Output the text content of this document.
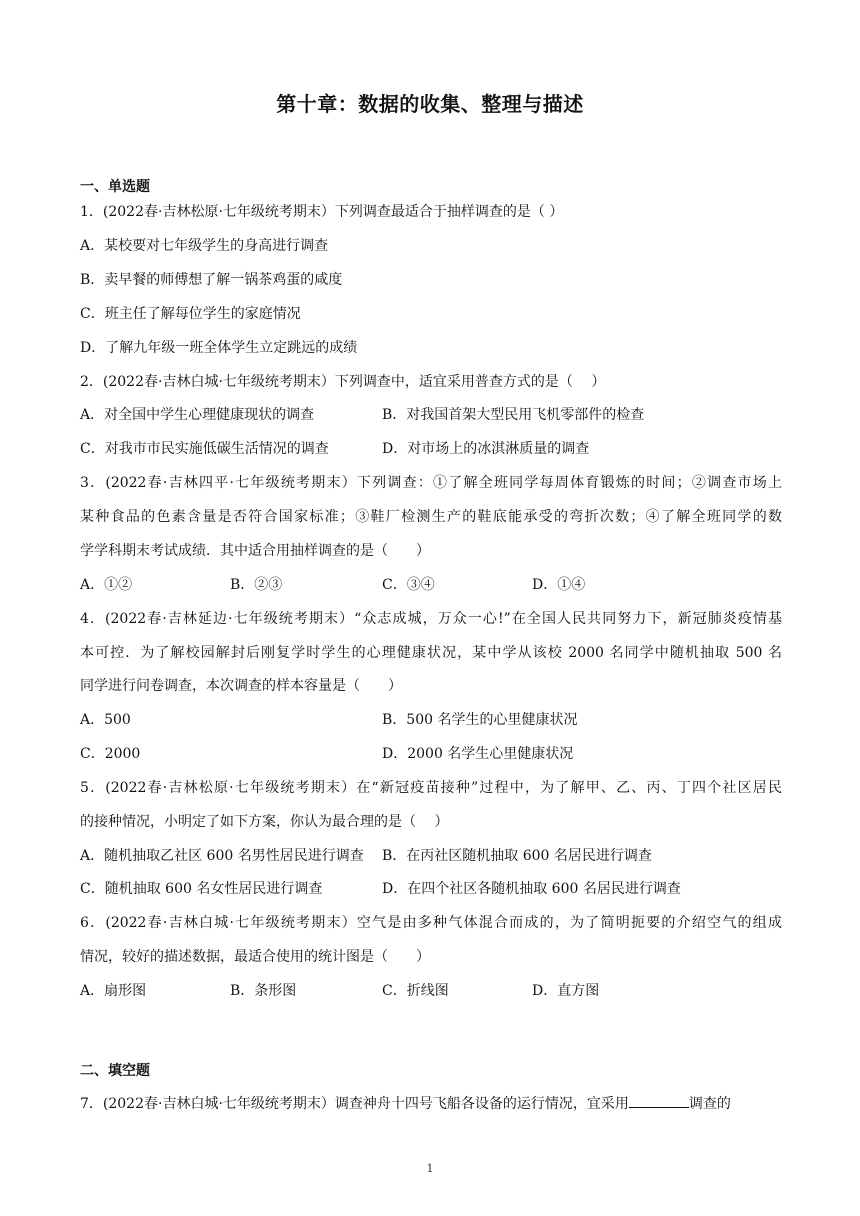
第十章：数据的收集、整理与描述
一、单选题
1．(2022春·吉林松原·七年级统考期末）下列调查最适合于抽样调查的是（ ）
A．某校要对七年级学生的身高进行调查
B．卖早餐的师傅想了解一锅茶鸡蛋的咸度
C．班主任了解每位学生的家庭情况
D．了解九年级一班全体学生立定跳远的成绩
2．(2022春·吉林白城·七年级统考期末）下列调查中，适宜采用普查方式的是（　 ）
A．对全国中学生心理健康现状的调查	B．对我国首架大型民用飞机零部件的检查
C．对我市市民实施低碳生活情况的调查	D．对市场上的冰淇淋质量的调查
3．(2022春·吉林四平·七年级统考期末）下列调查：①了解全班同学每周体育锻炼的时间；②调查市场上
某种食品的色素含量是否符合国家标准；③鞋厂检测生产的鞋底能承受的弯折次数；④了解全班同学的数
学学科期末考试成绩．其中适合用抽样调查的是（　　）
A．①②	B．②③	C．③④	D．①④
4．(2022春·吉林延边·七年级统考期末）“众志成城，万众一心!”在全国人民共同努力下，新冠肺炎疫情基
本可控．为了解校园解封后刚复学时学生的心理健康状况，某中学从该校 2000 名同学中随机抽取 500 名
同学进行问卷调查，本次调查的样本容量是（　　）
A．500	B．500 名学生的心里健康状况
C．2000	D．2000 名学生心里健康状况
5．(2022春·吉林松原·七年级统考期末）在“新冠疫苗接种”过程中，为了解甲、乙、丙、丁四个社区居民
的接种情况，小明定了如下方案，你认为最合理的是（　 ）
A．随机抽取乙社区 600 名男性居民进行调查 B．在丙社区随机抽取 600 名居民进行调查
C．随机抽取 600 名女性居民进行调查	D．在四个社区各随机抽取 600 名居民进行调查
6．(2022春·吉林白城·七年级统考期末）空气是由多种气体混合而成的，为了简明扼要的介绍空气的组成
情况，较好的描述数据，最适合使用的统计图是（　　）
A．扇形图	B．条形图	C．折线图	D．直方图
二、填空题
7．(2022春·吉林白城·七年级统考期末）调查神舟十四号飞船各设备的运行情况，宜采用	调查的
1
